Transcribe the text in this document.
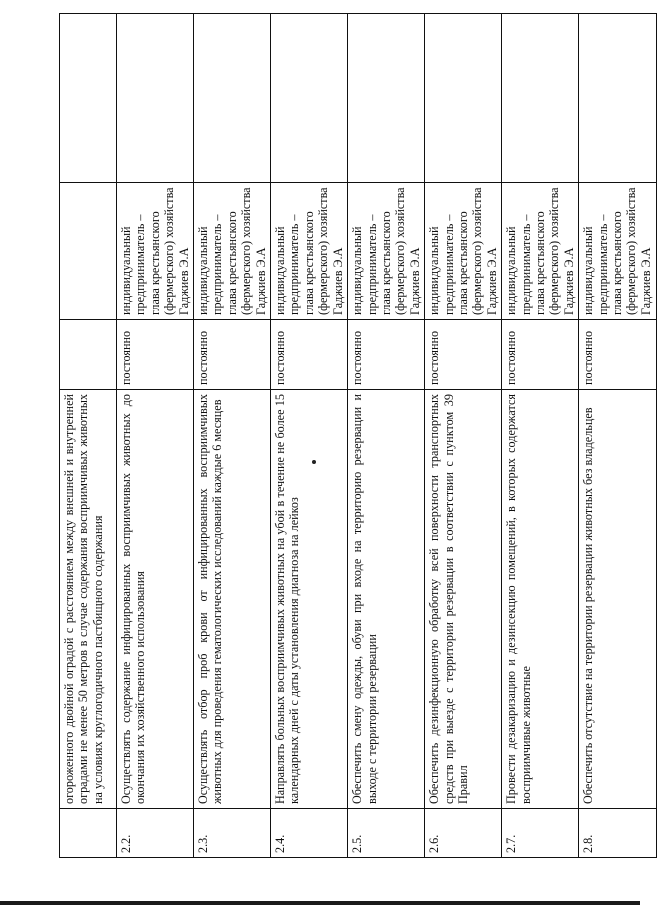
	огороженного двойной оградой с расстоянием между внешней и внутренней оградами не менее 50 метров в случае содержания восприимчивых животных на условиях круглогодичного пастбищного содержания			
2.2.	Осуществлять содержание инфицированных восприимчивых животных до окончания их хозяйственного использования	постоянно	индивидуальный предприниматель – глава крестьянского (фермерского) хозяйства Гаджиев Э.А	
2.3.	Осуществлять отбор проб крови от инфицированных восприимчивых животных для проведения гематологических исследований каждые 6 месяцев	постоянно	индивидуальный предприниматель – глава крестьянского (фермерского) хозяйства Гаджиев Э.А	
2.4.	Направлять больных восприимчивых животных на убой в течение не более 15 календарных дней с даты установления диагноза на лейкоз	постоянно	индивидуальный предприниматель – глава крестьянского (фермерского) хозяйства Гаджиев Э.А	
2.5.	Обеспечить смену одежды, обуви при входе на территорию резервации и выходе с территории резервации	постоянно	индивидуальный предприниматель – глава крестьянского (фермерского) хозяйства Гаджиев Э.А	
2.6.	Обеспечить дезинфекционную обработку всей поверхности транспортных средств при выезде с территории резервации в соответствии с пунктом 39 Правил	постоянно	индивидуальный предприниматель – глава крестьянского (фермерского) хозяйства Гаджиев Э.А	
2.7.	Провести дезакаризацию и дезинсекцию помещений, в которых содержатся восприимчивые животные	постоянно	индивидуальный предприниматель – глава крестьянского (фермерского) хозяйства Гаджиев Э.А	
2.8.	Обеспечить отсутствие на территории резервации животных без владельцев	постоянно	индивидуальный предприниматель – глава крестьянского (фермерского) хозяйства Гаджиев Э.А	
